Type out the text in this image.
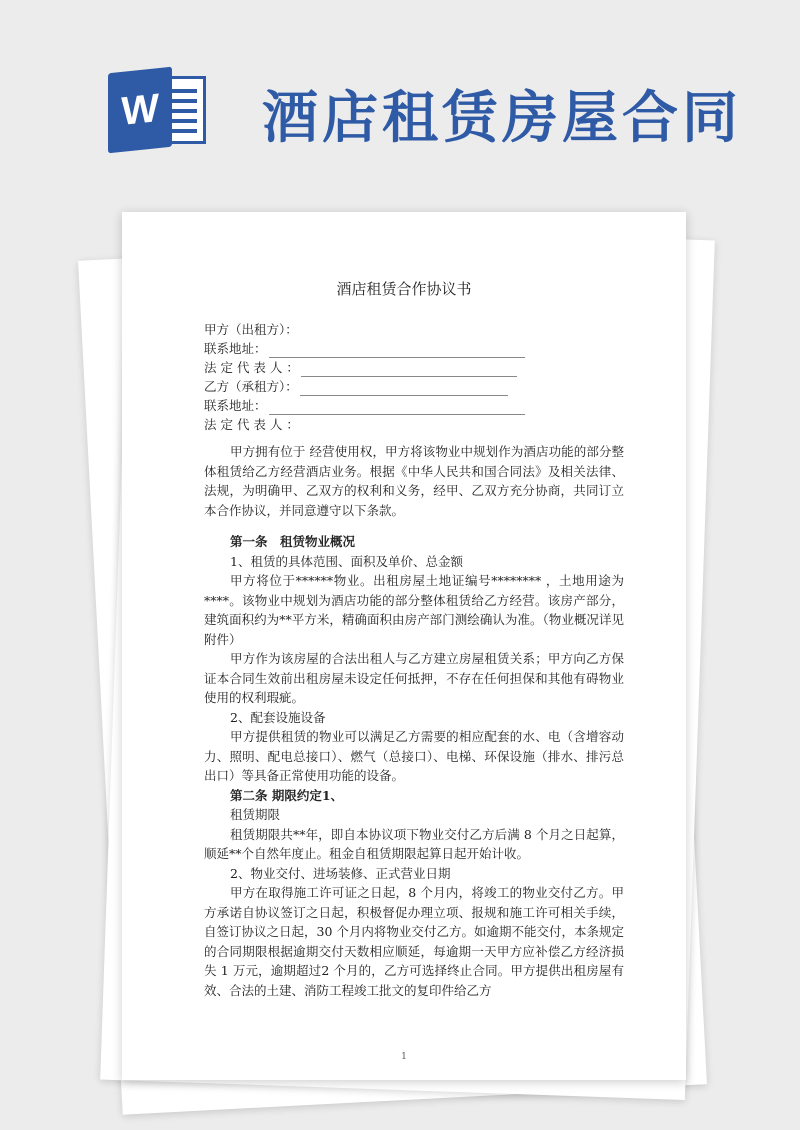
W 酒店租赁房屋合同
酒店租赁合作协议书
甲方（出租方）：
联系地址：
法 定 代 表 人 ：
乙方（承租方）：
联系地址：
法 定 代 表 人 ：

甲方拥有位于 经营使用权，甲方将该物业中规划作为酒店功能的部分整体租赁给乙方经营酒店业务。根据《中华人民共和国合同法》及相关法律、法规，为明确甲、乙双方的权利和义务，经甲、乙双方充分协商，共同订立本合作协议，并同意遵守以下条款。

第一条　租赁物业概况

1、租赁的具体范围、面积及单价、总金额

甲方将位于******物业。出租房屋土地证编号******** ，土地用途为****。该物业中规划为酒店功能的部分整体租赁给乙方经营。该房产部分，建筑面积约为**平方米，精确面积由房产部门测绘确认为准。（物业概况详见附件）

甲方作为该房屋的合法出租人与乙方建立房屋租赁关系；甲方向乙方保证本合同生效前出租房屋未设定任何抵押，不存在任何担保和其他有碍物业使用的权利瑕疵。

2、配套设施设备

甲方提供租赁的物业可以满足乙方需要的相应配套的水、电（含增容动力、照明、配电总接口）、燃气（总接口）、电梯、环保设施（排水、排污总出口）等具备正常使用功能的设备。

第二条 期限约定1、

租赁期限

租赁期限共**年，即自本协议项下物业交付乙方后满 8 个月之日起算，顺延**个自然年度止。租金自租赁期限起算日起开始计收。

2、物业交付、进场装修、正式营业日期

甲方在取得施工许可证之日起，8 个月内，将竣工的物业交付乙方。甲方承诺自协议签订之日起，积极督促办理立项、报规和施工许可相关手续，自签订协议之日起，30 个月内将物业交付乙方。如逾期不能交付，本条规定的合同期限根据逾期交付天数相应顺延，每逾期一天甲方应补偿乙方经济损失 1 万元，逾期超过2 个月的，乙方可选择终止合同。甲方提供出租房屋有效、合法的土建、消防工程竣工批文的复印件给乙方

1
